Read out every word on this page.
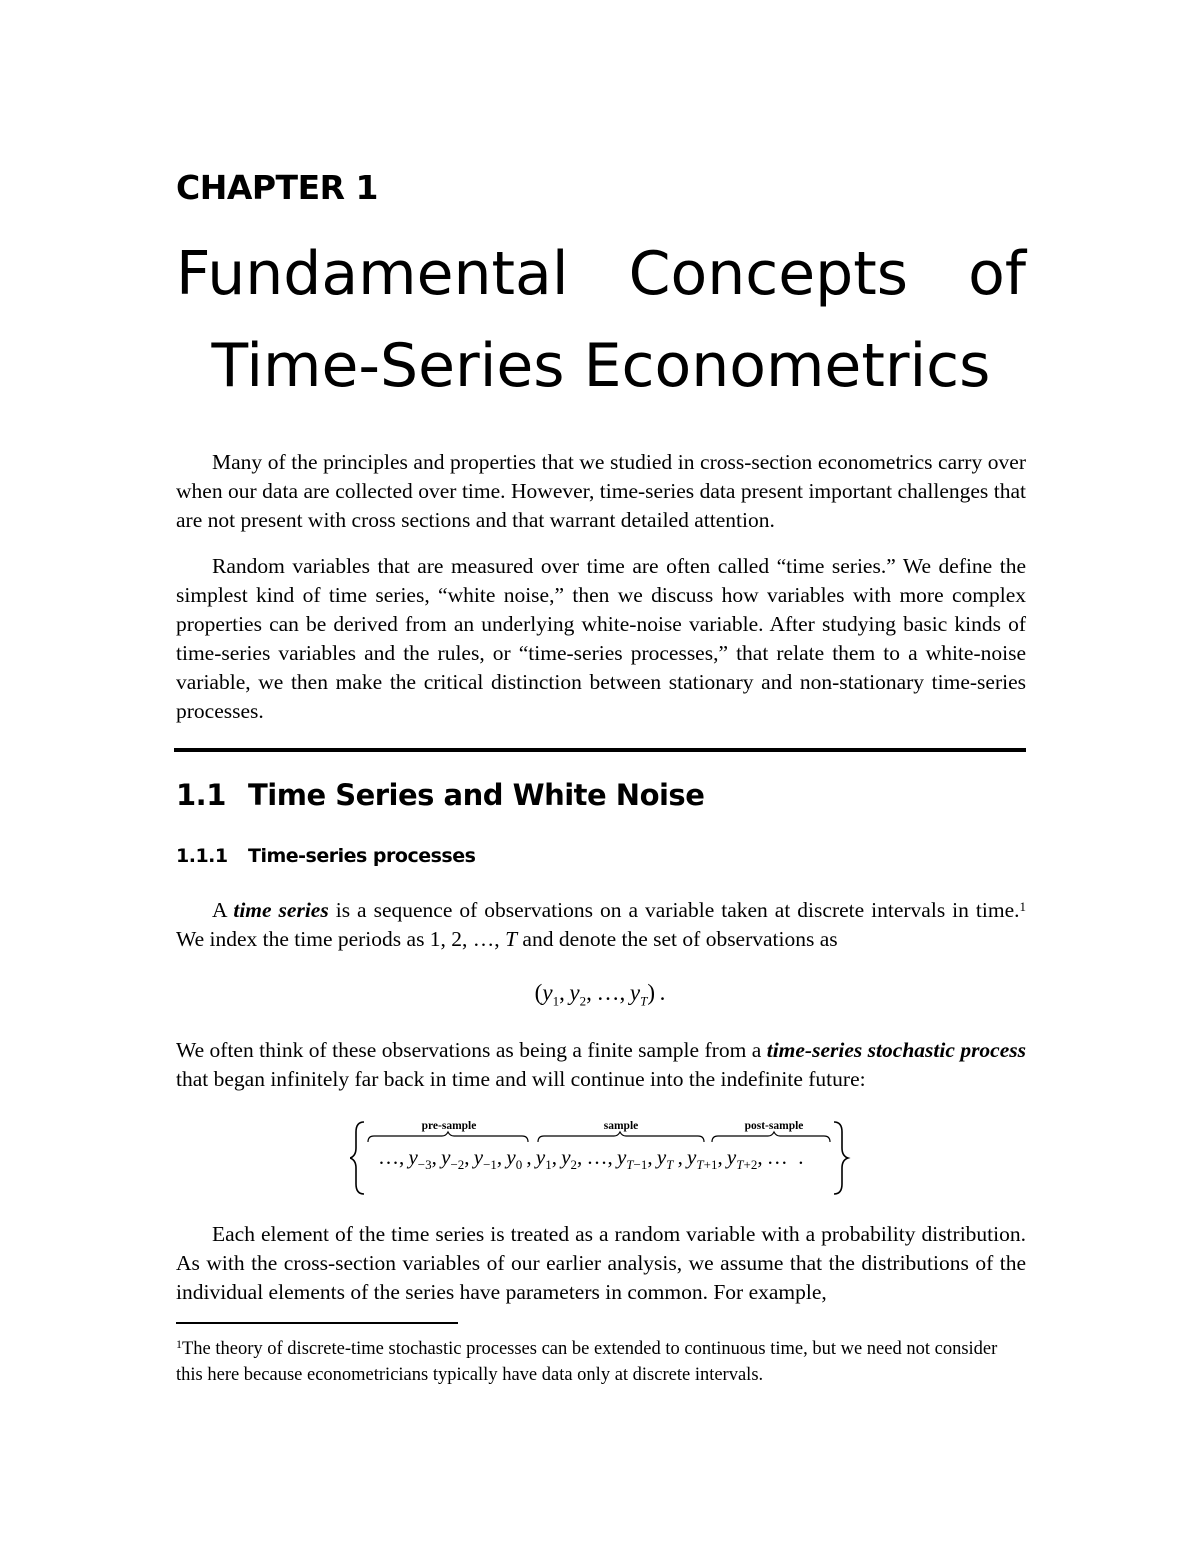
CHAPTER 1
Fundamental Concepts of
Time-Series Econometrics

Many of the principles and properties that we studied in cross-section econometrics carry over when our data are collected over time. However, time-series data present important challenges that are not present with cross sections and that warrant detailed attention.

Random variables that are measured over time are often called “time series.” We define the simplest kind of time series, “white noise,” then we discuss how variables with more complex properties can be derived from an underlying white-noise variable. After studying basic kinds of time-series variables and the rules, or “time-series processes,” that relate them to a white-noise variable, we then make the critical distinction between stationary and non-stationary time-series processes.

1.1 Time Series and White Noise
1.1.1 Time-series processes

A time series is a sequence of observations on a variable taken at discrete intervals in time.$^1$ We index the time periods as 1, 2, …, T and denote the set of observations as

($y_1$, $y_2$, …, $y_T$) .

We often think of these observations as being a finite sample from a time-series stochastic process that began infinitely far back in time and will continue into the indefinite future:

pre-sample	sample	post-sample
…, $y_{-3}$, $y_{-2}$, $y_{-1}$, $y_0$ , $y_1$, $y_2$, …, $y_{T-1}$, $y_T$ , $y_{T+1}$, $y_{T+2}$, …  .

Each element of the time series is treated as a random variable with a probability distribution. As with the cross-section variables of our earlier analysis, we assume that the distributions of the individual elements of the series have parameters in common. For example,

$^1$The theory of discrete-time stochastic processes can be extended to continuous time, but we need not consider this here because econometricians typically have data only at discrete intervals.
